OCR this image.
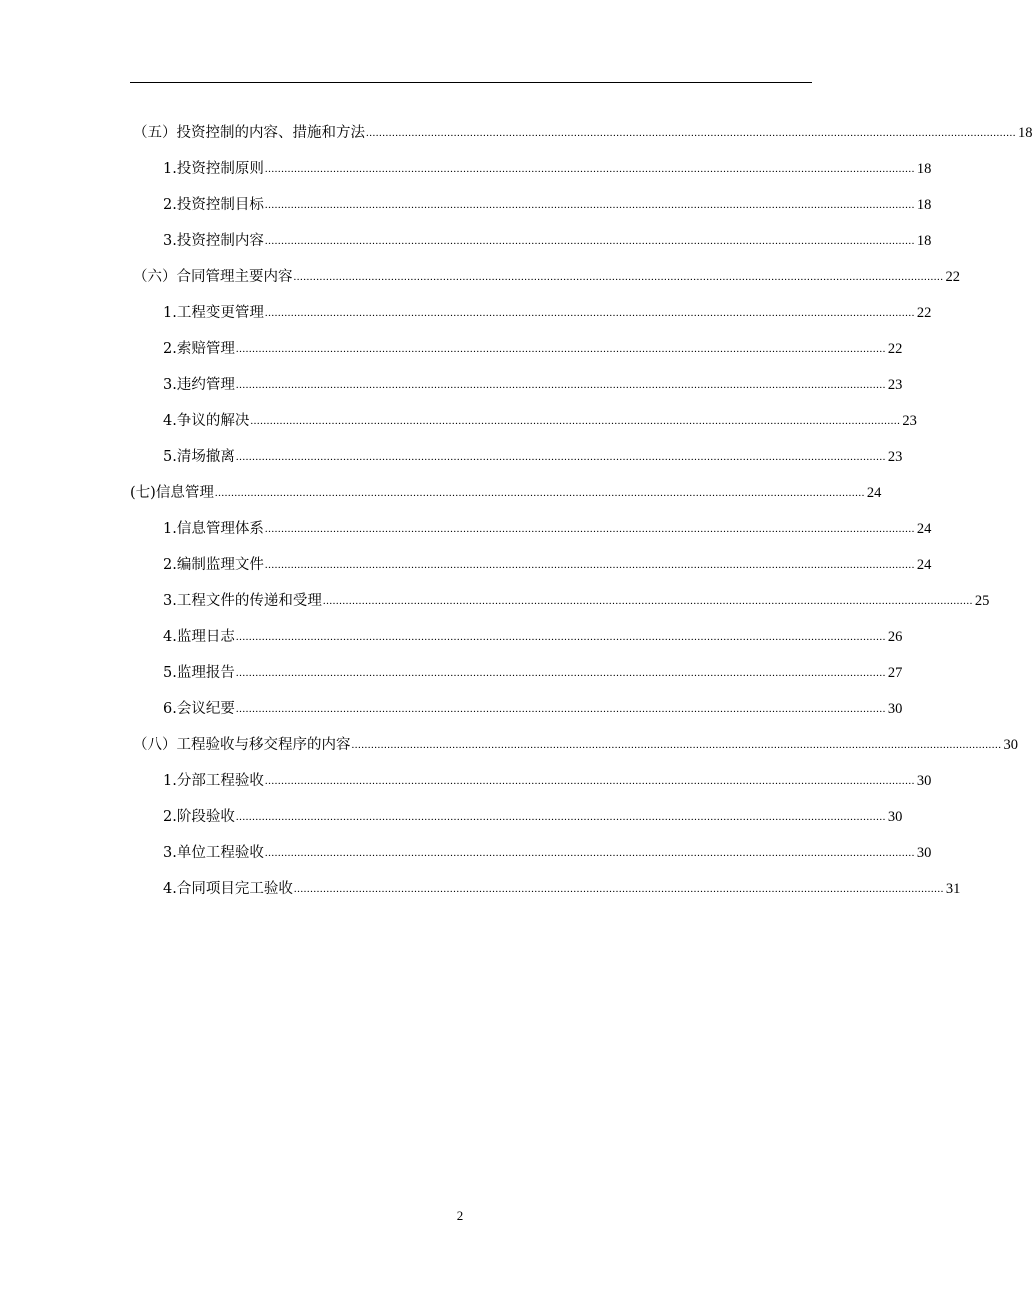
（五）投资控制的内容、措施和方法 ........................................................................................................................................................................................................ 18
1.投资控制原则 ........................................................................................................................................................................................................ 18
2.投资控制目标 ........................................................................................................................................................................................................ 18
3.投资控制内容 ........................................................................................................................................................................................................ 18
（六）合同管理主要内容 ........................................................................................................................................................................................................ 22
1.工程变更管理 ........................................................................................................................................................................................................ 22
2.索赔管理 ........................................................................................................................................................................................................ 22
3.违约管理 ........................................................................................................................................................................................................ 23
4.争议的解决 ........................................................................................................................................................................................................ 23
5.清场撤离 ........................................................................................................................................................................................................ 23
(七)信息管理 ........................................................................................................................................................................................................ 24
1.信息管理体系 ........................................................................................................................................................................................................ 24
2.编制监理文件 ........................................................................................................................................................................................................ 24
3.工程文件的传递和受理 ........................................................................................................................................................................................................ 25
4.监理日志 ........................................................................................................................................................................................................ 26
5.监理报告 ........................................................................................................................................................................................................ 27
6.会议纪要 ........................................................................................................................................................................................................ 30
（八）工程验收与移交程序的内容 ........................................................................................................................................................................................................ 30
1.分部工程验收 ........................................................................................................................................................................................................ 30
2.阶段验收 ........................................................................................................................................................................................................ 30
3.单位工程验收 ........................................................................................................................................................................................................ 30
4.合同项目完工验收 ........................................................................................................................................................................................................ 31
2
